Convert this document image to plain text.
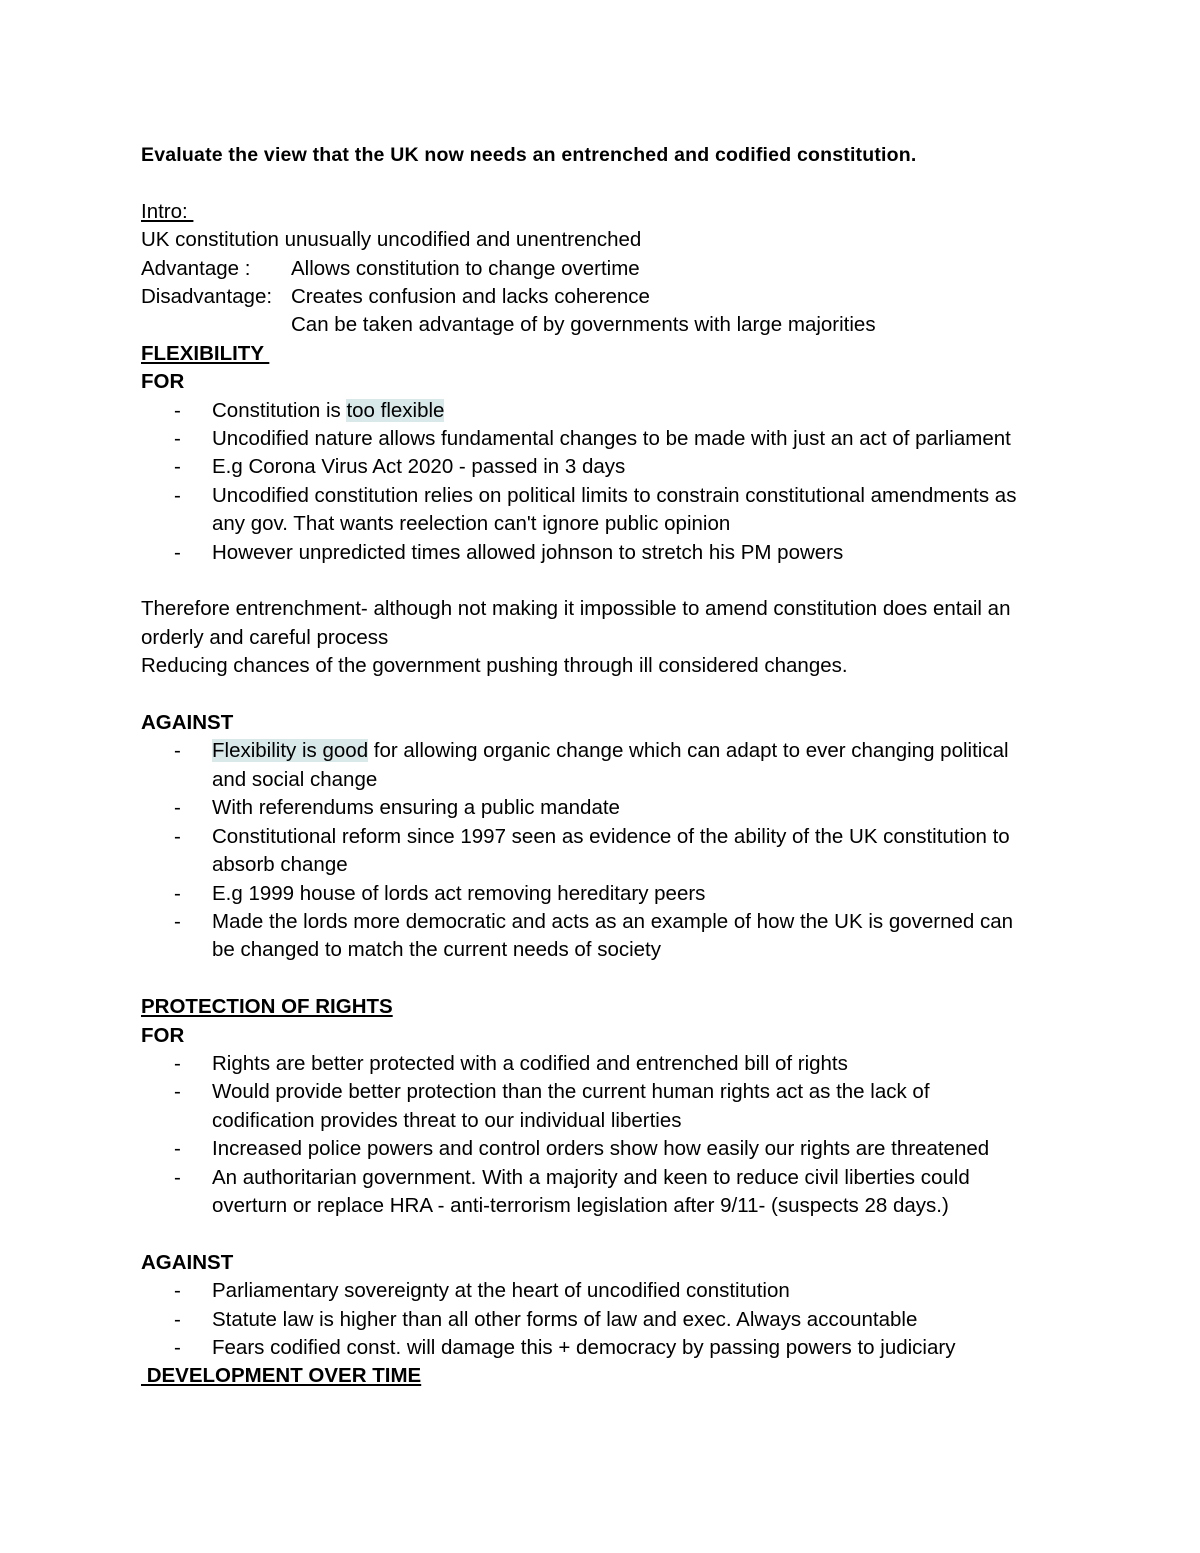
Evaluate the view that the UK now needs an entrenched and codified constitution.
Intro:
UK constitution unusually uncodified and unentrenched
Advantage :	Allows constitution to change overtime
Disadvantage: Creates confusion and lacks coherence
Can be taken advantage of by governments with large majorities
FLEXIBILITY
FOR
- Constitution is too flexible
- Uncodified nature allows fundamental changes to be made with just an act of parliament
- E.g Corona Virus Act 2020 - passed in 3 days
- Uncodified constitution relies on political limits to constrain constitutional amendments as
any gov. That wants reelection can't ignore public opinion
- However unpredicted times allowed johnson to stretch his PM powers
Therefore entrenchment- although not making it impossible to amend constitution does entail an
orderly and careful process
Reducing chances of the government pushing through ill considered changes.
AGAINST
- Flexibility is good for allowing organic change which can adapt to ever changing political
and social change
- With referendums ensuring a public mandate
- Constitutional reform since 1997 seen as evidence of the ability of the UK constitution to
absorb change
- E.g 1999 house of lords act removing hereditary peers
- Made the lords more democratic and acts as an example of how the UK is governed can
be changed to match the current needs of society
PROTECTION OF RIGHTS
FOR
- Rights are better protected with a codified and entrenched bill of rights
- Would provide better protection than the current human rights act as the lack of
codification provides threat to our individual liberties
- Increased police powers and control orders show how easily our rights are threatened
- An authoritarian government. With a majority and keen to reduce civil liberties could
overturn or replace HRA - anti-terrorism legislation after 9/11- (suspects 28 days.)
AGAINST
- Parliamentary sovereignty at the heart of uncodified constitution
- Statute law is higher than all other forms of law and exec. Always accountable
- Fears codified const. will damage this + democracy by passing powers to judiciary
DEVELOPMENT OVER TIME
